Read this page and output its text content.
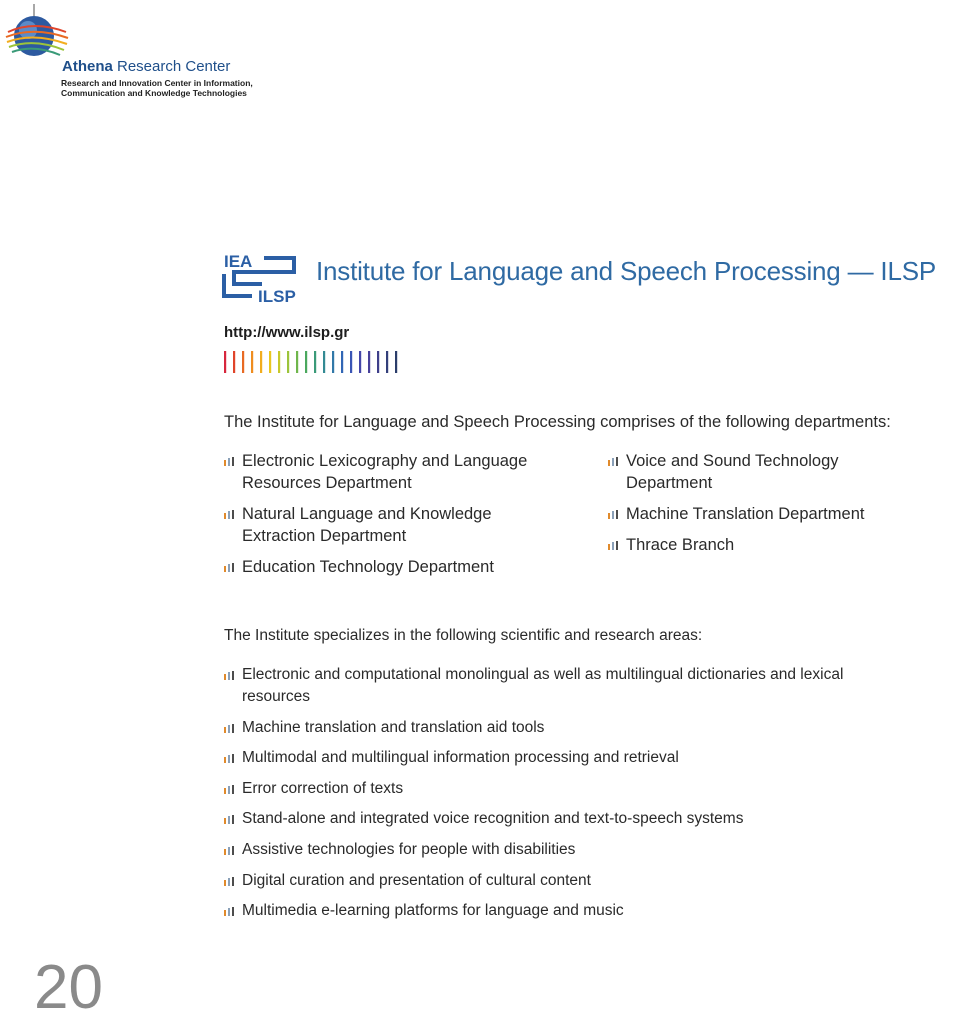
Athena Research Center
Research and Innovation Center in Information,
Communication and Knowledge Technologies
IEA
ILSP
Institute for Language and Speech Processing — ILSP
http://www.ilsp.gr
The Institute for Language and Speech Processing comprises of the following departments:
Electronic Lexicography and Language
Resources Department
Natural Language and Knowledge
Extraction Department
Education Technology Department
Voice and Sound Technology
Department
Machine Translation Department
Thrace Branch
The Institute specializes in the following scientific and research areas:
Electronic and computational monolingual as well as multilingual dictionaries and lexical
resources
Machine translation and translation aid tools
Multimodal and multilingual information processing and retrieval
Error correction of texts
Stand-alone and integrated voice recognition and text-to-speech systems
Assistive technologies for people with disabilities
Digital curation and presentation of cultural content
Multimedia e-learning platforms for language and music
20
